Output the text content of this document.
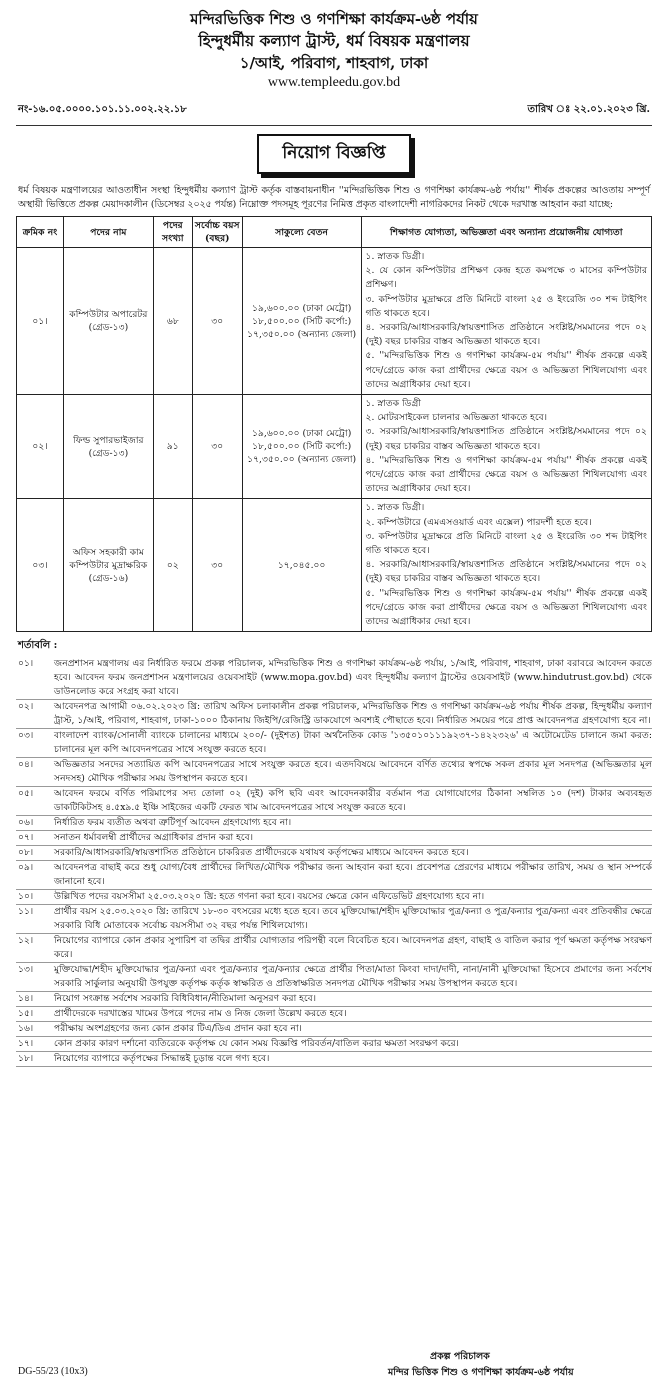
মন্দিরভিত্তিক শিশু ও গণশিক্ষা কার্যক্রম-৬ষ্ঠ পর্যায়
হিন্দুধর্মীয় কল্যাণ ট্রাস্ট, ধর্ম বিষয়ক মন্ত্রণালয়
১/আই, পরিবাগ, শাহবাগ, ঢাকা
www.templeedu.gov.bd
নং-১৬.০৫.০০০০.১০১.১১.০০২.২২.১৮	তারিখ ঃ ২২.০১.২০২৩ খ্রি.
নিয়োগ বিজ্ঞপ্তি
ধর্ম বিষয়ক মন্ত্রণালয়ের আওতাধীন সংস্থা হিন্দুধর্মীয় কল্যাণ ট্রাস্ট কর্তৃক বাস্তবায়নাধীন ''মন্দিরভিত্তিক শিশু ও গণশিক্ষা কার্যক্রম-৬ষ্ঠ পর্যায়'' শীর্ষক প্রকল্পের আওতায় সম্পূর্ণ অস্থায়ী ভিত্তিতে প্রকল্প মেয়াদকালীন (ডিসেম্বর ২০২৫ পর্যন্ত) নিম্নোক্ত পদসমূহ পূরণের নিমিত্ত প্রকৃত বাংলাদেশী নাগরিকদের নিকট থেকে দরখাস্ত আহবান করা যাচ্ছে:
ক্রমিক নং	পদের নাম	পদের সংখ্যা	সর্বোচ্চ বয়স (বছর)	সাকুল্যে বেতন	শিক্ষাগত যোগ্যতা, অভিজ্ঞতা এবং অন্যান্য প্রয়োজনীয় যোগ্যতা
০১।	কম্পিউটার অপারেটর (গ্রেড-১৩)	৬৮	৩০	১৯,৬০০.০০ (ঢাকা মেট্রো) ১৮,৫০০.০০ (সিটি কর্পো:) ১৭,৩৫০.০০ (অন্যান্য জেলা)	১. স্নাতক ডিগ্রী।
২. যে কোন কম্পিউটার প্রশিক্ষণ কেন্দ্র হতে কমপক্ষে ৩ মাসের কম্পিউটার প্রশিক্ষণ।
৩. কম্পিউটার মুদ্রাক্ষরে প্রতি মিনিটে বাংলা ২৫ ও ইংরেজি ৩০ শব্দ টাইপিং গতি থাকতে হবে।
৪. সরকারি/আধাসরকারি/স্বায়ত্তশাসিত প্রতিষ্ঠানে সংশ্লিষ্ট/সমমানের পদে ০২ (দুই) বছর চাকরির বাস্তব অভিজ্ঞতা থাকতে হবে।
৫. ''মন্দিরভিত্তিক শিশু ও গণশিক্ষা কার্যক্রম-৫ম পর্যায়'' শীর্ষক প্রকল্পে একই পদে/গ্রেডে কাজ করা প্রার্থীদের ক্ষেত্রে বয়স ও অভিজ্ঞতা শিথিলযোগ্য এবং তাদের অগ্রাধিকার দেয়া হবে।

০২।	ফিল্ড সুপারভাইজার (গ্রেড-১৩)	৯১	৩০	১৯,৬০০.০০ (ঢাকা মেট্রো) ১৮,৫০০.০০ (সিটি কর্পো:) ১৭,৩৫০.০০ (অন্যান্য জেলা)	১. স্নাতক ডিগ্রী
২. মোটরসাইকেল চালনার অভিজ্ঞতা থাকতে হবে।
৩. সরকারি/আধাসরকারি/স্বায়ত্তশাসিত প্রতিষ্ঠানে সংশ্লিষ্ট/সমমানের পদে ০২ (দুই) বছর চাকরির বাস্তব অভিজ্ঞতা থাকতে হবে।
৪. ''মন্দিরভিত্তিক শিশু ও গণশিক্ষা কার্যক্রম-৫ম পর্যায়'' শীর্ষক প্রকল্পে একই পদে/গ্রেডে কাজ করা প্রার্থীদের ক্ষেত্রে বয়স ও অভিজ্ঞতা শিথিলযোগ্য এবং তাদের অগ্রাধিকার দেয়া হবে।

০৩।	অফিস সহকারী কাম কম্পিউটার মুদ্রাক্ষরিক (গ্রেড-১৬)	০২	৩০	১৭,০৪৫.০০	১. স্নাতক ডিগ্রী।
২. কম্পিউটারে (এমএসওয়ার্ড এবং এক্সেল) পারদর্শী হতে হবে।
৩. কম্পিউটার মুদ্রাক্ষরে প্রতি মিনিটে বাংলা ২৫ ও ইংরেজি ৩০ শব্দ টাইপিং গতি থাকতে হবে।
৪. সরকারি/আধাসরকারি/স্বায়ত্তশাসিত প্রতিষ্ঠানে সংশ্লিষ্ট/সমমানের পদে ০২ (দুই) বছর চাকরির বাস্তব অভিজ্ঞতা থাকতে হবে।
৫. ''মন্দিরভিত্তিক শিশু ও গণশিক্ষা কার্যক্রম-৫ম পর্যায়'' শীর্ষক প্রকল্পে একই পদে/গ্রেডে কাজ করা প্রার্থীদের ক্ষেত্রে বয়স ও অভিজ্ঞতা শিথিলযোগ্য এবং তাদের অগ্রাধিকার দেয়া হবে।
শর্তাবলি :
০১।	জনপ্রশাসন মন্ত্রণালয় এর নির্ধারিত ফরমে প্রকল্প পরিচালক, মন্দিরভিত্তিক শিশু ও গণশিক্ষা কার্যক্রম-৬ষ্ঠ পর্যায়, ১/আই, পরিবাগ, শাহবাগ, ঢাকা বরাবরে আবেদন করতে হবে। আবেদন ফরম জনপ্রশাসন মন্ত্রণালয়ের ওয়েবসাইট (www.mopa.gov.bd) এবং হিন্দুধর্মীয় কল্যাণ ট্রাস্টের ওয়েবসাইট (www.hindutrust.gov.bd) থেকে ডাউনলোড করে সংগ্রহ করা যাবে।
০২।	আবেদনপত্র আগামী ০৬.০২.২০২৩ খ্রি: তারিখ অফিস চলাকালীন প্রকল্প পরিচালক, মন্দিরভিত্তিক শিশু ও গণশিক্ষা কার্যক্রম-৬ষ্ঠ পর্যায় শীর্ষক প্রকল্প, হিন্দুধর্মীয় কল্যাণ ট্রাস্ট, ১/আই, পরিবাগ, শাহবাগ, ঢাকা-১০০০ ঠিকানায় জিইপি/রেজিস্ট্রি ডাকযোগে অবশ্যই পৌছাতে হবে। নির্ধারিত সময়ের পরে প্রাপ্ত আবেদনপত্র গ্রহণযোগ্য হবে না।
০৩।	বাংলাদেশ ব্যাংক/সোনালী ব্যাংকে চালানের মাধ্যমে ২০০/- (দুইশত) টাকা অর্থনৈতিক কোড '১৩৫০১০১১১৯২৩৭-১৪২২৩২৬' এ অটোমেটেড চালানে জমা করত: চালানের মূল কপি আবেদনপত্রের সাথে সংযুক্ত করতে হবে।
০৪।	অভিজ্ঞতার সনদের সত্যায়িত কপি আবেদনপত্রের সাথে সংযুক্ত করতে হবে। এতদবিষয়ে আবেদনে বর্ণিত তথ্যের স্বপক্ষে সকল প্রকার মূল সনদপত্র (অভিজ্ঞতার মূল সনদসহ) মৌখিক পরীক্ষার সময় উপস্থাপন করতে হবে।
০৫।	আবেদন ফরমে বর্ণিত পরিমাপের সদ্য তোলা ০২ (দুই) কপি ছবি এবং আবেদনকারীর বর্তমান পত্র যোগাযোগের ঠিকানা সম্বলিত ১০ (দশ) টাকার অব্যবহৃত ডাকটিকিটসহ ৪.৫x৯.৫ ইঞ্চি সাইজের একটি ফেরত খাম আবেদনপত্রের সাথে সংযুক্ত করতে হবে।
০৬।	নির্ধারিত ফরম ব্যতীত অথবা ত্রুটিপূর্ণ আবেদন গ্রহণযোগ্য হবে না।
০৭।	সনাতন ধর্মাবলম্বী প্রার্থীদের অগ্রাধিকার প্রদান করা হবে।
০৮।	সরকারি/আধাসরকারি/স্বায়ত্তশাসিত প্রতিষ্ঠানে চাকরিরত প্রার্থীদেরকে যথাযথ কর্তৃপক্ষের মাধ্যমে আবেদন করতে হবে।
০৯।	আবেদনপত্র বাছাই করে শুধু যোগ্য/বৈধ প্রার্থীদের লিখিত/মৌখিক পরীক্ষার জন্য আহবান করা হবে। প্রবেশপত্র প্রেরণের মাধ্যমে পরীক্ষার তারিখ, সময় ও স্থান সম্পর্কে জানানো হবে।
১০।	উল্লিখিত পদের বয়সসীমা ২৫.০৩.২০২০ খ্রি: হতে গণনা করা হবে। বয়সের ক্ষেত্রে কোন এফিডেভিট গ্রহণযোগ্য হবে না।
১১।	প্রার্থীর বয়স ২৫.০৩.২০২০ খ্রি: তারিখে ১৮-৩০ বৎসরের মধ্যে হতে হবে। তবে মুক্তিযোদ্ধা/শহীদ মুক্তিযোদ্ধার পুত্র/কন্যা ও পুত্র/কন্যার পুত্র/কন্যা এবং প্রতিবন্ধীর ক্ষেত্রে সরকারি বিধি মোতাবেক সর্বোচ্চ বয়সসীমা ৩২ বছর পর্যন্ত শিথিলযোগ্য।
১২।	নিয়োগের ব্যাপারে কোন প্রকার সুপারিশ বা তদ্বির প্রার্থীর যোগ্যতার পরিপন্থী বলে বিবেচিত হবে। আবেদনপত্র গ্রহণ, বাছাই ও বাতিল করার পূর্ণ ক্ষমতা কর্তৃপক্ষ সংরক্ষণ করে।
১৩।	মুক্তিযোদ্ধা/শহীদ মুক্তিযোদ্ধার পুত্র/কন্যা এবং পুত্র/কন্যার পুত্র/কন্যার ক্ষেত্রে প্রার্থীর পিতা/মাতা কিংবা দাদা/দাদী, নানা/নানী মুক্তিযোদ্ধা হিসেবে প্রমাণের জন্য সর্বশেষ সরকারি সার্কুলার অনুযায়ী উপযুক্ত কর্তৃপক্ষ কর্তৃক স্বাক্ষরিত ও প্রতিস্বাক্ষরিত সনদপত্র মৌখিক পরীক্ষার সময় উপস্থাপন করতে হবে।
১৪।	নিয়োগ সংক্রান্ত সর্বশেষ সরকারি বিধিবিধান/নীতিমালা অনুসরণ করা হবে।
১৫।	প্রার্থীদেরকে দরখাস্তের খামের উপরে পদের নাম ও নিজ জেলা উল্লেখ করতে হবে।
১৬।	পরীক্ষায় অংশগ্রহণের জন্য কোন প্রকার টিএ/ডিএ প্রদান করা হবে না।
১৭।	কোন প্রকার কারণ দর্শানো ব্যতিরেকে কর্তৃপক্ষ যে কোন সময় বিজ্ঞপ্তি পরিবর্তন/বাতিল করার ক্ষমতা সংরক্ষণ করে।
১৮।	নিয়োগের ব্যাপারে কর্তৃপক্ষের সিদ্ধান্তই চূড়ান্ত বলে গণ্য হবে।
DG-55/23 (10x3)
প্রকল্প পরিচালক
মন্দির ভিত্তিক শিশু ও গণশিক্ষা কার্যক্রম-৬ষ্ঠ পর্যায়
